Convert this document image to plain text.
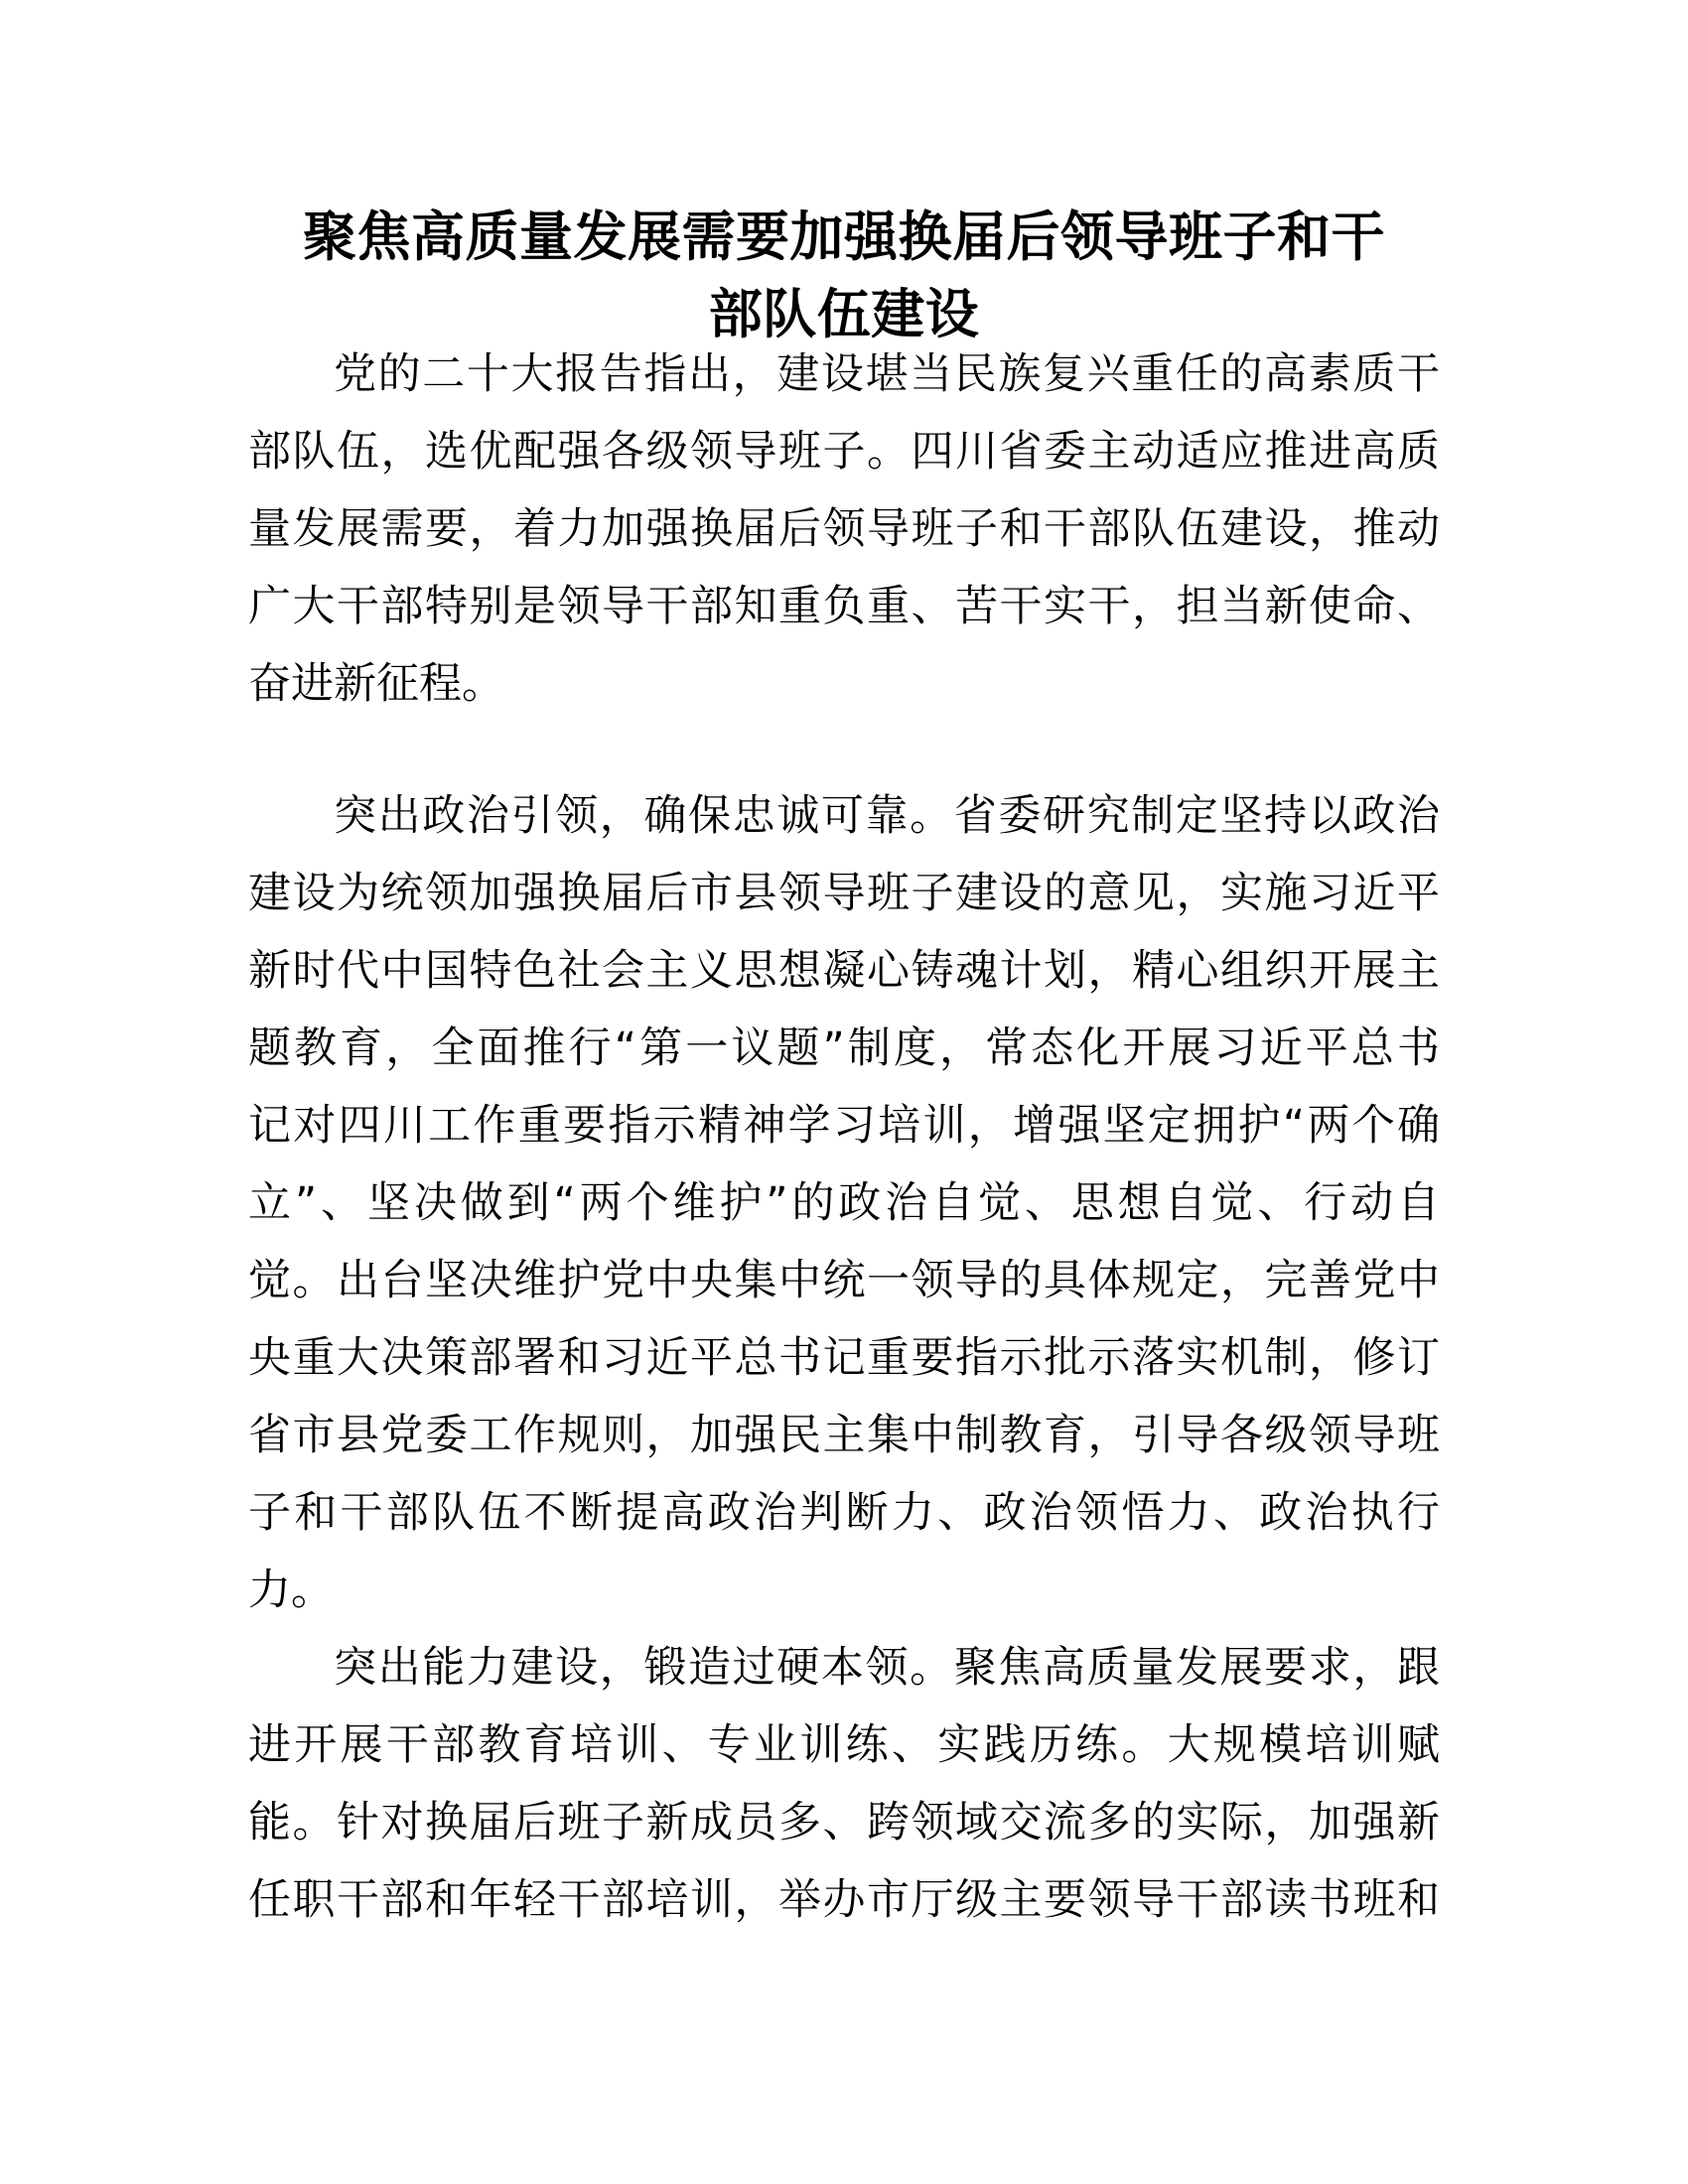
聚焦高质量发展需要加强换届后领导班子和干
部队伍建设
党的二十大报告指出，建设堪当民族复兴重任的高素质干
部队伍，选优配强各级领导班子。四川省委主动适应推进高质
量发展需要，着力加强换届后领导班子和干部队伍建设，推动
广大干部特别是领导干部知重负重、苦干实干，担当新使命、
奋进新征程。
突出政治引领，确保忠诚可靠。省委研究制定坚持以政治
建设为统领加强换届后市县领导班子建设的意见，实施习近平
新时代中国特色社会主义思想凝心铸魂计划，精心组织开展主
题教育，全面推行“第一议题”制度，常态化开展习近平总书
记对四川工作重要指示精神学习培训，增强坚定拥护“两个确
立”、坚决做到“两个维护”的政治自觉、思想自觉、行动自
觉。出台坚决维护党中央集中统一领导的具体规定，完善党中
央重大决策部署和习近平总书记重要指示批示落实机制，修订
省市县党委工作规则，加强民主集中制教育，引导各级领导班
子和干部队伍不断提高政治判断力、政治领悟力、政治执行
力。
突出能力建设，锻造过硬本领。聚焦高质量发展要求，跟
进开展干部教育培训、专业训练、实践历练。大规模培训赋
能。针对换届后班子新成员多、跨领域交流多的实际，加强新
任职干部和年轻干部培训，举办市厅级主要领导干部读书班和
